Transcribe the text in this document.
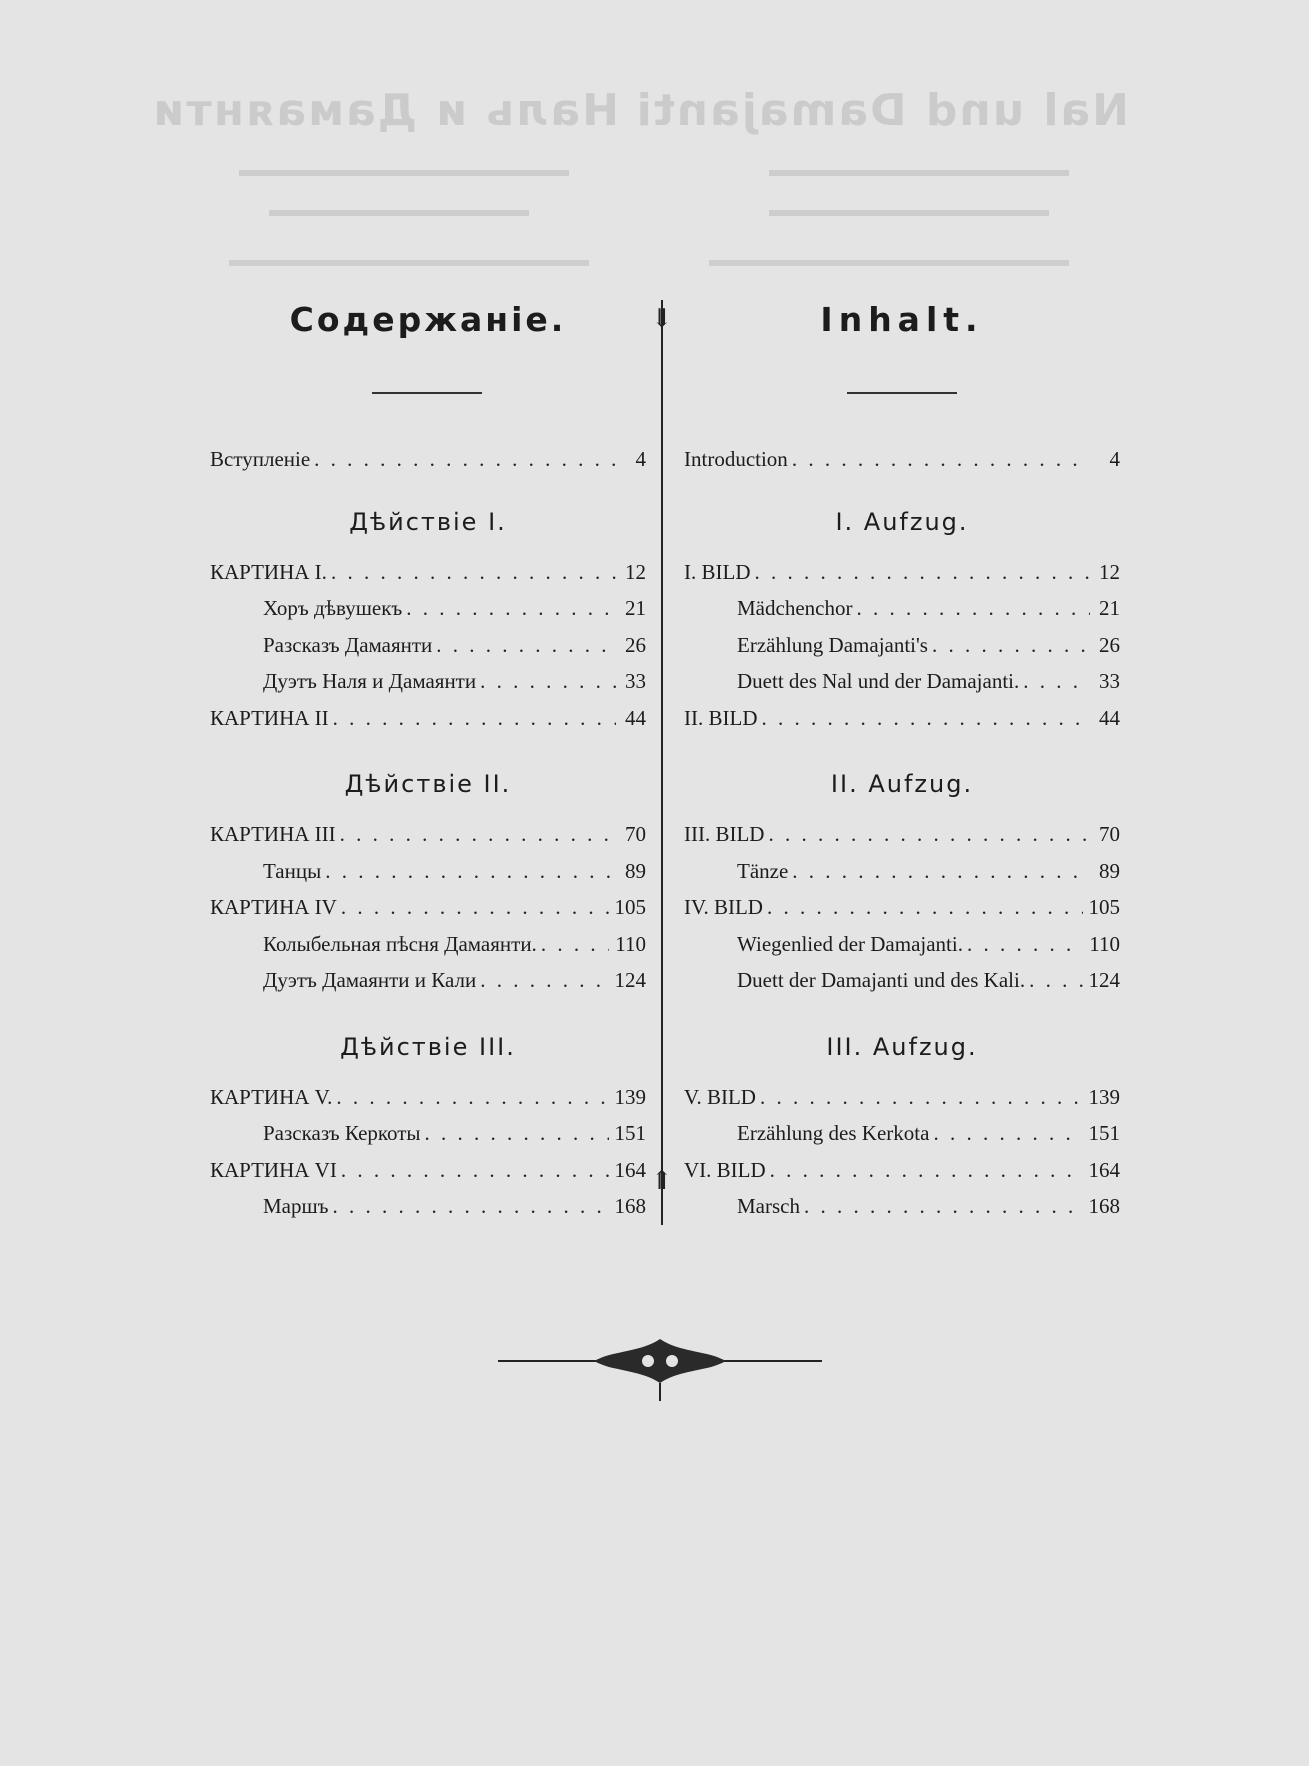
Nal und Damajanti
Наль и Дамаянти
Содержаніе.	Inhalt.
⇓
⇑
Вступленіе . . .	4
Дѣйствіе I.
КАРТИНА I. . . .	12
Хоръ дѣвушекъ . . .	21
Разсказъ Дамаянти . . .	26
Дуэтъ Наля и Дамаянти . . .	33
КАРТИНА II . . .	44
Дѣйствіе II.
КАРТИНА III . . .	70
Танцы . . .	89
КАРТИНА IV . . .	105
Колыбельная пѣсня Дамаянти. . . .	110
Дуэтъ Дамаянти и Кали . . .	124
Дѣйствіе III.
КАРТИНА V. . . .	139
Разсказъ Керкоты . . .	151
КАРТИНА VI . . .	164
Маршъ . . .	168
Introduction . . .	4
I. Aufzug.
I. BILD . . .	12
Mädchenchor . . .	21
Erzählung Damajanti's . . .	26
Duett des Nal und der Damajanti. . . .	33
II. BILD . . .	44
II. Aufzug.
III. BILD . . .	70
Tänze . . .	89
IV. BILD . . .	105
Wiegenlied der Damajanti. . . .	110
Duett der Damajanti und des Kali. . . .	124
III. Aufzug.
V. BILD . . .	139
Erzählung des Kerkota . . .	151
VI. BILD . . .	164
Marsch . . .	168
